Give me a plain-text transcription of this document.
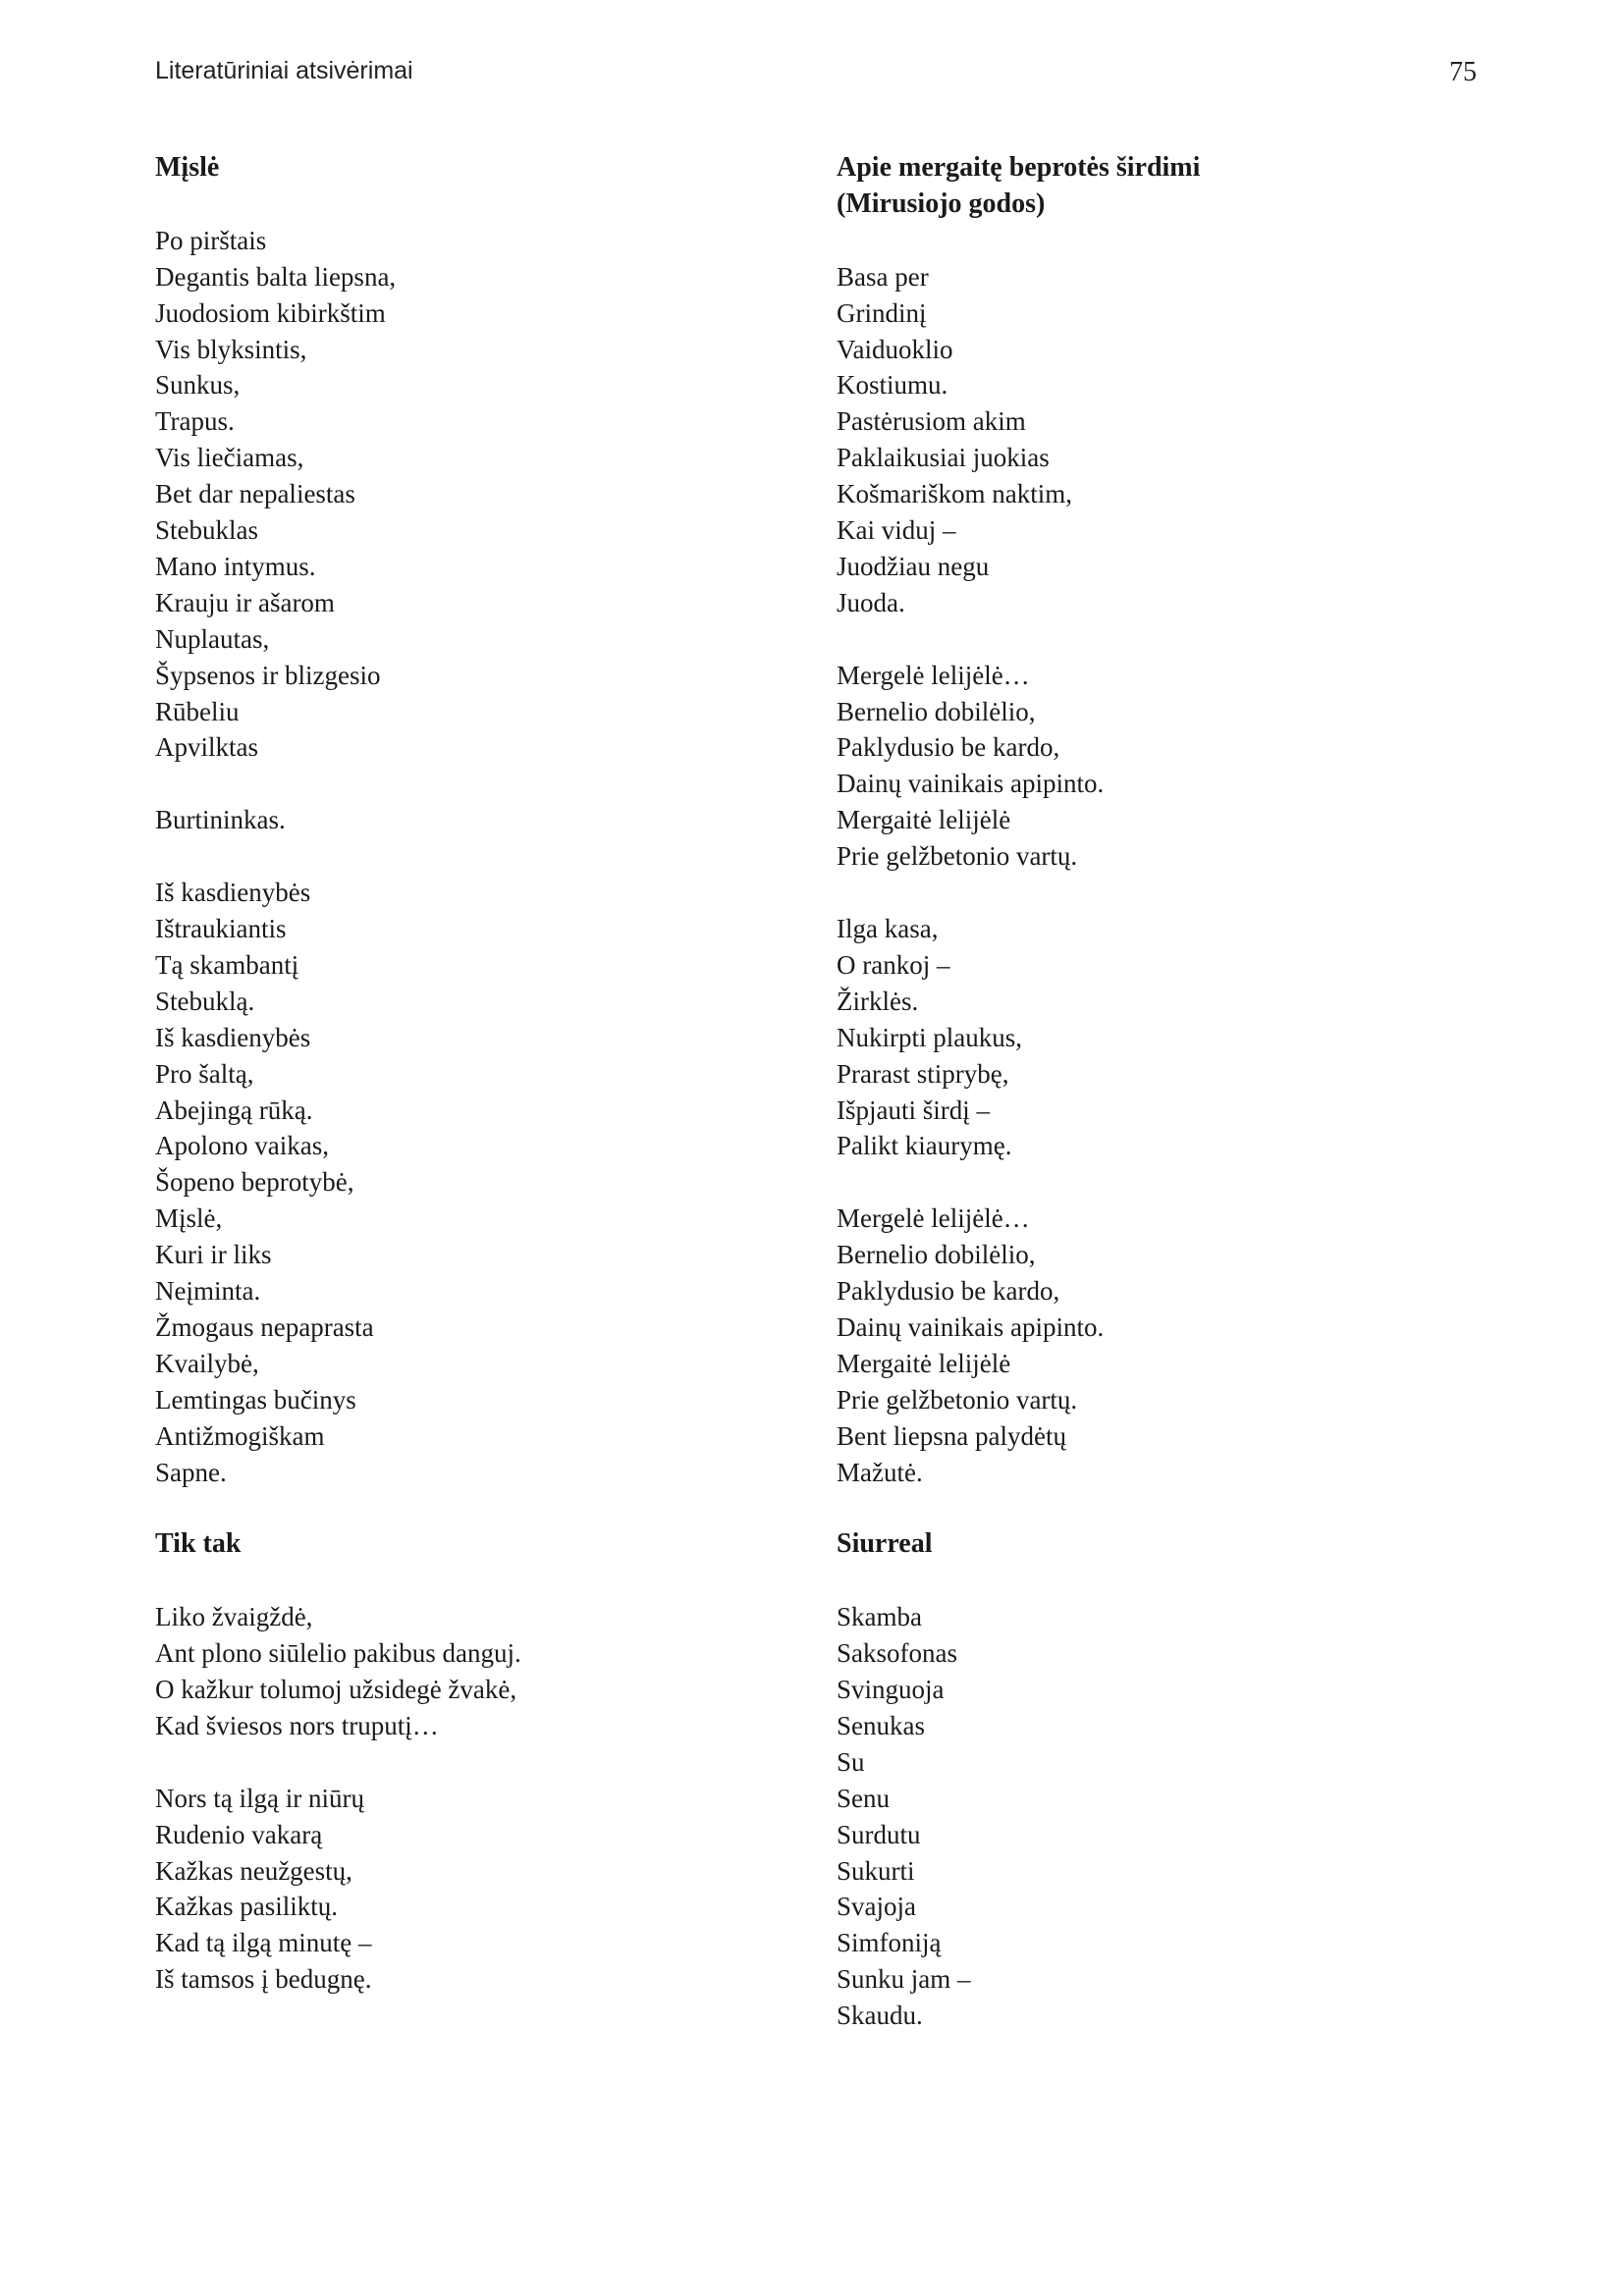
Literatūriniai atsivėrimai	75
Mįslė
Po pirštais
Degantis balta liepsna,
Juodosiom kibirkštim
Vis blyksintis,
Sunkus,
Trapus.
Vis liečiamas,
Bet dar nepaliestas
Stebuklas
Mano intymus.
Krauju ir ašarom
Nuplautas,
Šypsenos ir blizgesio
Rūbeliu
Apvilktas
Burtininkas.
Iš kasdienybės
Ištraukiantis
Tą skambantį
Stebuklą.
Iš kasdienybės
Pro šaltą,
Abejingą rūką.
Apolono vaikas,
Šopeno beprotybė,
Mįslė,
Kuri ir liks
Neįminta.
Žmogaus nepaprasta
Kvailybė,
Lemtingas bučinys
Antižmogiškam
Sapne.
Tik tak
Liko žvaigždė,
Ant plono siūlelio pakibus danguj.
O kažkur tolumoj užsidegė žvakė,
Kad šviesos nors truputį…
Nors tą ilgą ir niūrų
Rudenio vakarą
Kažkas neužgestų,
Kažkas pasiliktų.
Kad tą ilgą minutę –
Iš tamsos į bedugnę.
Apie mergaitę beprotės širdimi
(Mirusiojo godos)
Basa per
Grindinį
Vaiduoklio
Kostiumu.
Pastėrusiom akim
Paklaikusiai juokias
Košmariškom naktim,
Kai viduj –
Juodžiau negu
Juoda.
Mergelė lelijėlė…
Bernelio dobilėlio,
Paklydusio be kardo,
Dainų vainikais apipinto.
Mergaitė lelijėlė
Prie gelžbetonio vartų.
Ilga kasa,
O rankoj –
Žirklės.
Nukirpti plaukus,
Prarast stiprybę,
Išpjauti širdį –
Palikt kiaurymę.
Mergelė lelijėlė…
Bernelio dobilėlio,
Paklydusio be kardo,
Dainų vainikais apipinto.
Mergaitė lelijėlė
Prie gelžbetonio vartų.
Bent liepsna palydėtų
Mažutė.
Siurreal
Skamba
Saksofonas
Svinguoja
Senukas
Su
Senu
Surdutu
Sukurti
Svajoja
Simfoniją
Sunku jam –
Skaudu.
